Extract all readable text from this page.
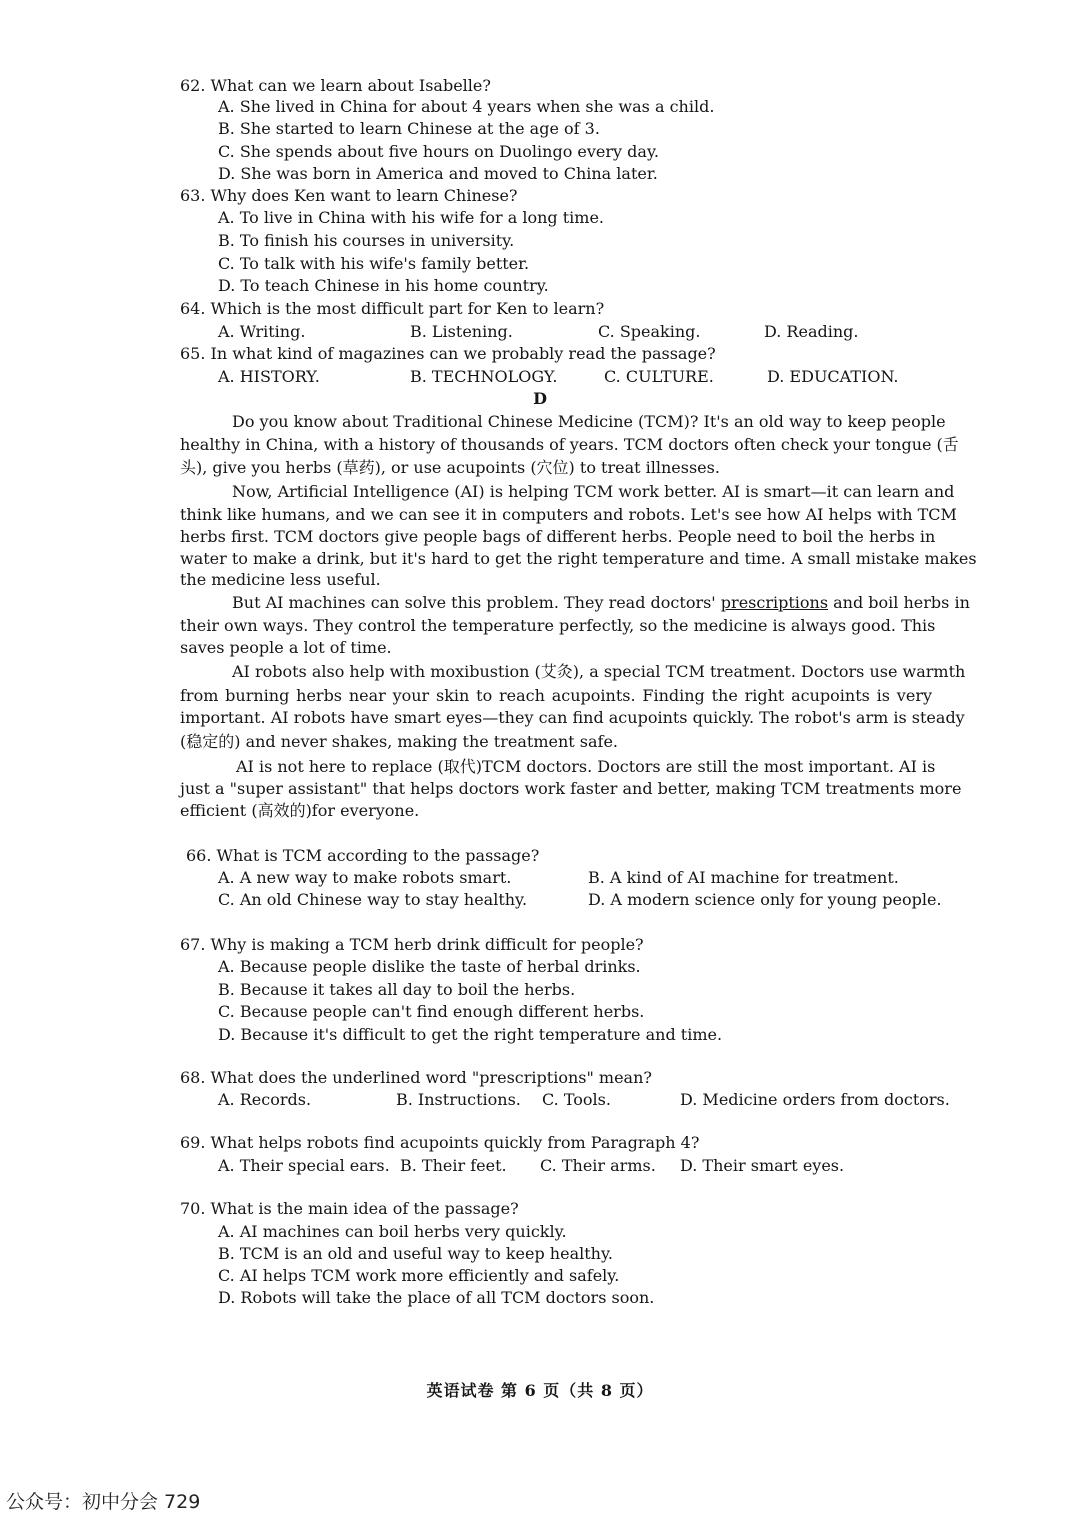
62. What can we learn about Isabelle?
A. She lived in China for about 4 years when she was a child.
B. She started to learn Chinese at the age of 3.
C. She spends about five hours on Duolingo every day.
D. She was born in America and moved to China later.
63. Why does Ken want to learn Chinese?
A. To live in China with his wife for a long time.
B. To finish his courses in university.
C. To talk with his wife's family better.
D. To teach Chinese in his home country.
64. Which is the most difficult part for Ken to learn?
A. Writing.	B. Listening.	C. Speaking.	D. Reading.
65. In what kind of magazines can we probably read the passage?
A. HISTORY.	B. TECHNOLOGY.	C. CULTURE.	D. EDUCATION.
D
Do you know about Traditional Chinese Medicine (TCM)? It's an old way to keep people
healthy in China, with a history of thousands of years. TCM doctors often check your tongue (舌
头), give you herbs (草药), or use acupoints (穴位) to treat illnesses.
Now, Artificial Intelligence (AI) is helping TCM work better. AI is smart—it can learn and
think like humans, and we can see it in computers and robots. Let's see how AI helps with TCM
herbs first. TCM doctors give people bags of different herbs. People need to boil the herbs in
water to make a drink, but it's hard to get the right temperature and time. A small mistake makes
the medicine less useful.
But AI machines can solve this problem. They read doctors' prescriptions and boil herbs in
their own ways. They control the temperature perfectly, so the medicine is always good. This
saves people a lot of time.
AI robots also help with moxibustion (艾灸), a special TCM treatment. Doctors use warmth
from burning herbs near your skin to reach acupoints. Finding the right acupoints is very
important. AI robots have smart eyes—they can find acupoints quickly. The robot's arm is steady
(稳定的) and never shakes, making the treatment safe.
AI is not here to replace (取代)TCM doctors. Doctors are still the most important. AI is
just a "super assistant" that helps doctors work faster and better, making TCM treatments more
efficient (高效的)for everyone.
66. What is TCM according to the passage?
A. A new way to make robots smart.	B. A kind of AI machine for treatment.
C. An old Chinese way to stay healthy.	D. A modern science only for young people.
67. Why is making a TCM herb drink difficult for people?
A. Because people dislike the taste of herbal drinks.
B. Because it takes all day to boil the herbs.
C. Because people can't find enough different herbs.
D. Because it's difficult to get the right temperature and time.
68. What does the underlined word "prescriptions" mean?
A. Records.	B. Instructions. C. Tools.	D. Medicine orders from doctors.
69. What helps robots find acupoints quickly from Paragraph 4?
A. Their special ears. B. Their feet. C. Their arms. D. Their smart eyes.
70. What is the main idea of the passage?
A. AI machines can boil herbs very quickly.
B. TCM is an old and useful way to keep healthy.
C. AI helps TCM work more efficiently and safely.
D. Robots will take the place of all TCM doctors soon.
英语试卷 第 6 页（共 8 页）
公众号：初中分会 729
